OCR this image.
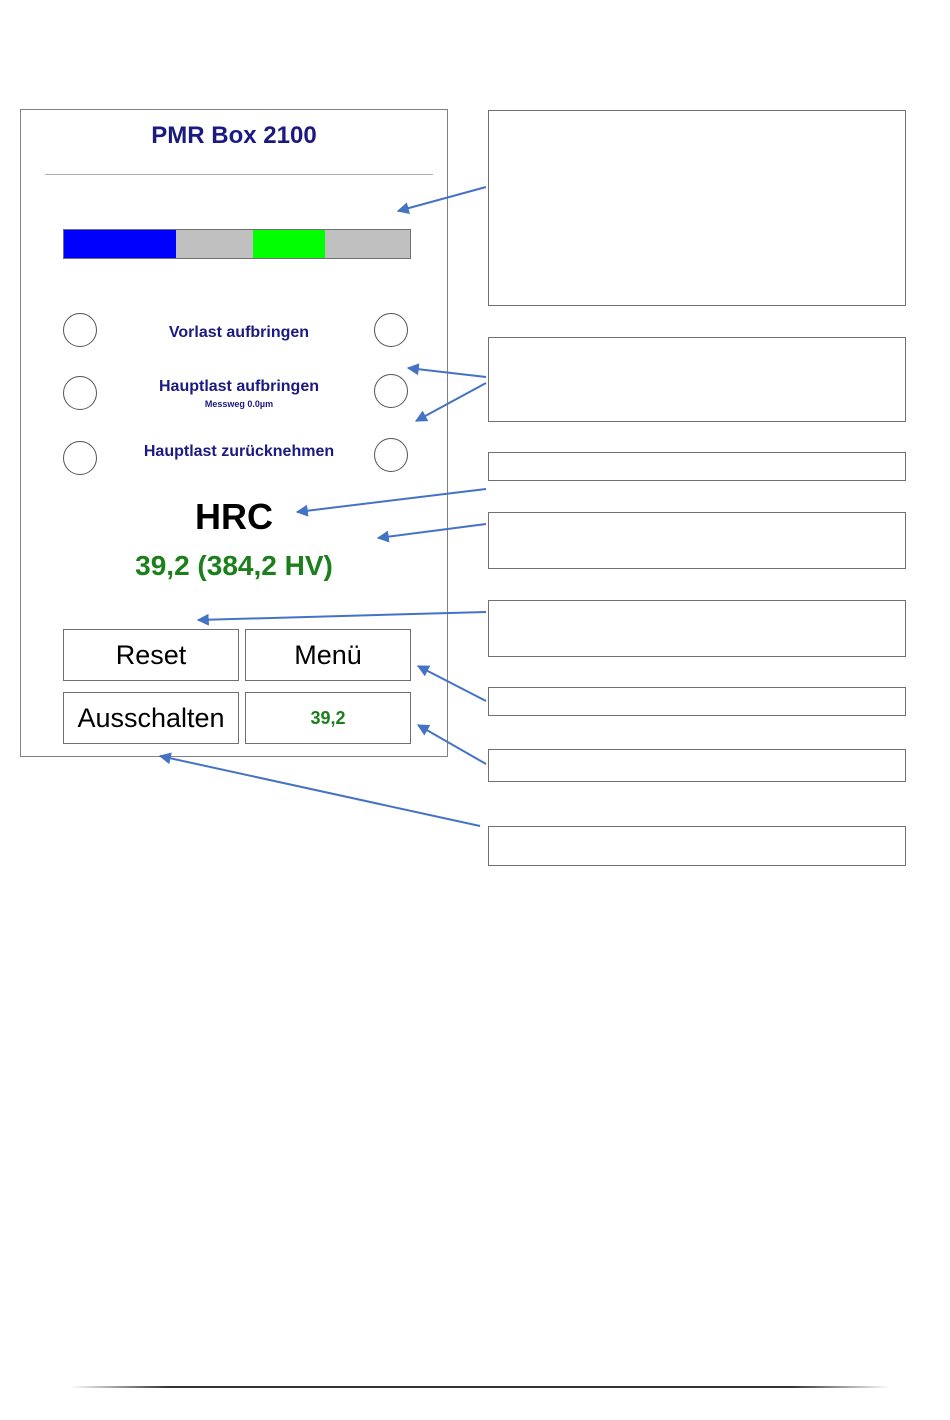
PMR Box 2100
Vorlast aufbringen
Hauptlast aufbringen
Messweg 0.0µm
Hauptlast zurücknehmen
HRC
39,2 (384,2 HV)
Reset	Menü
Ausschalten	39,2
